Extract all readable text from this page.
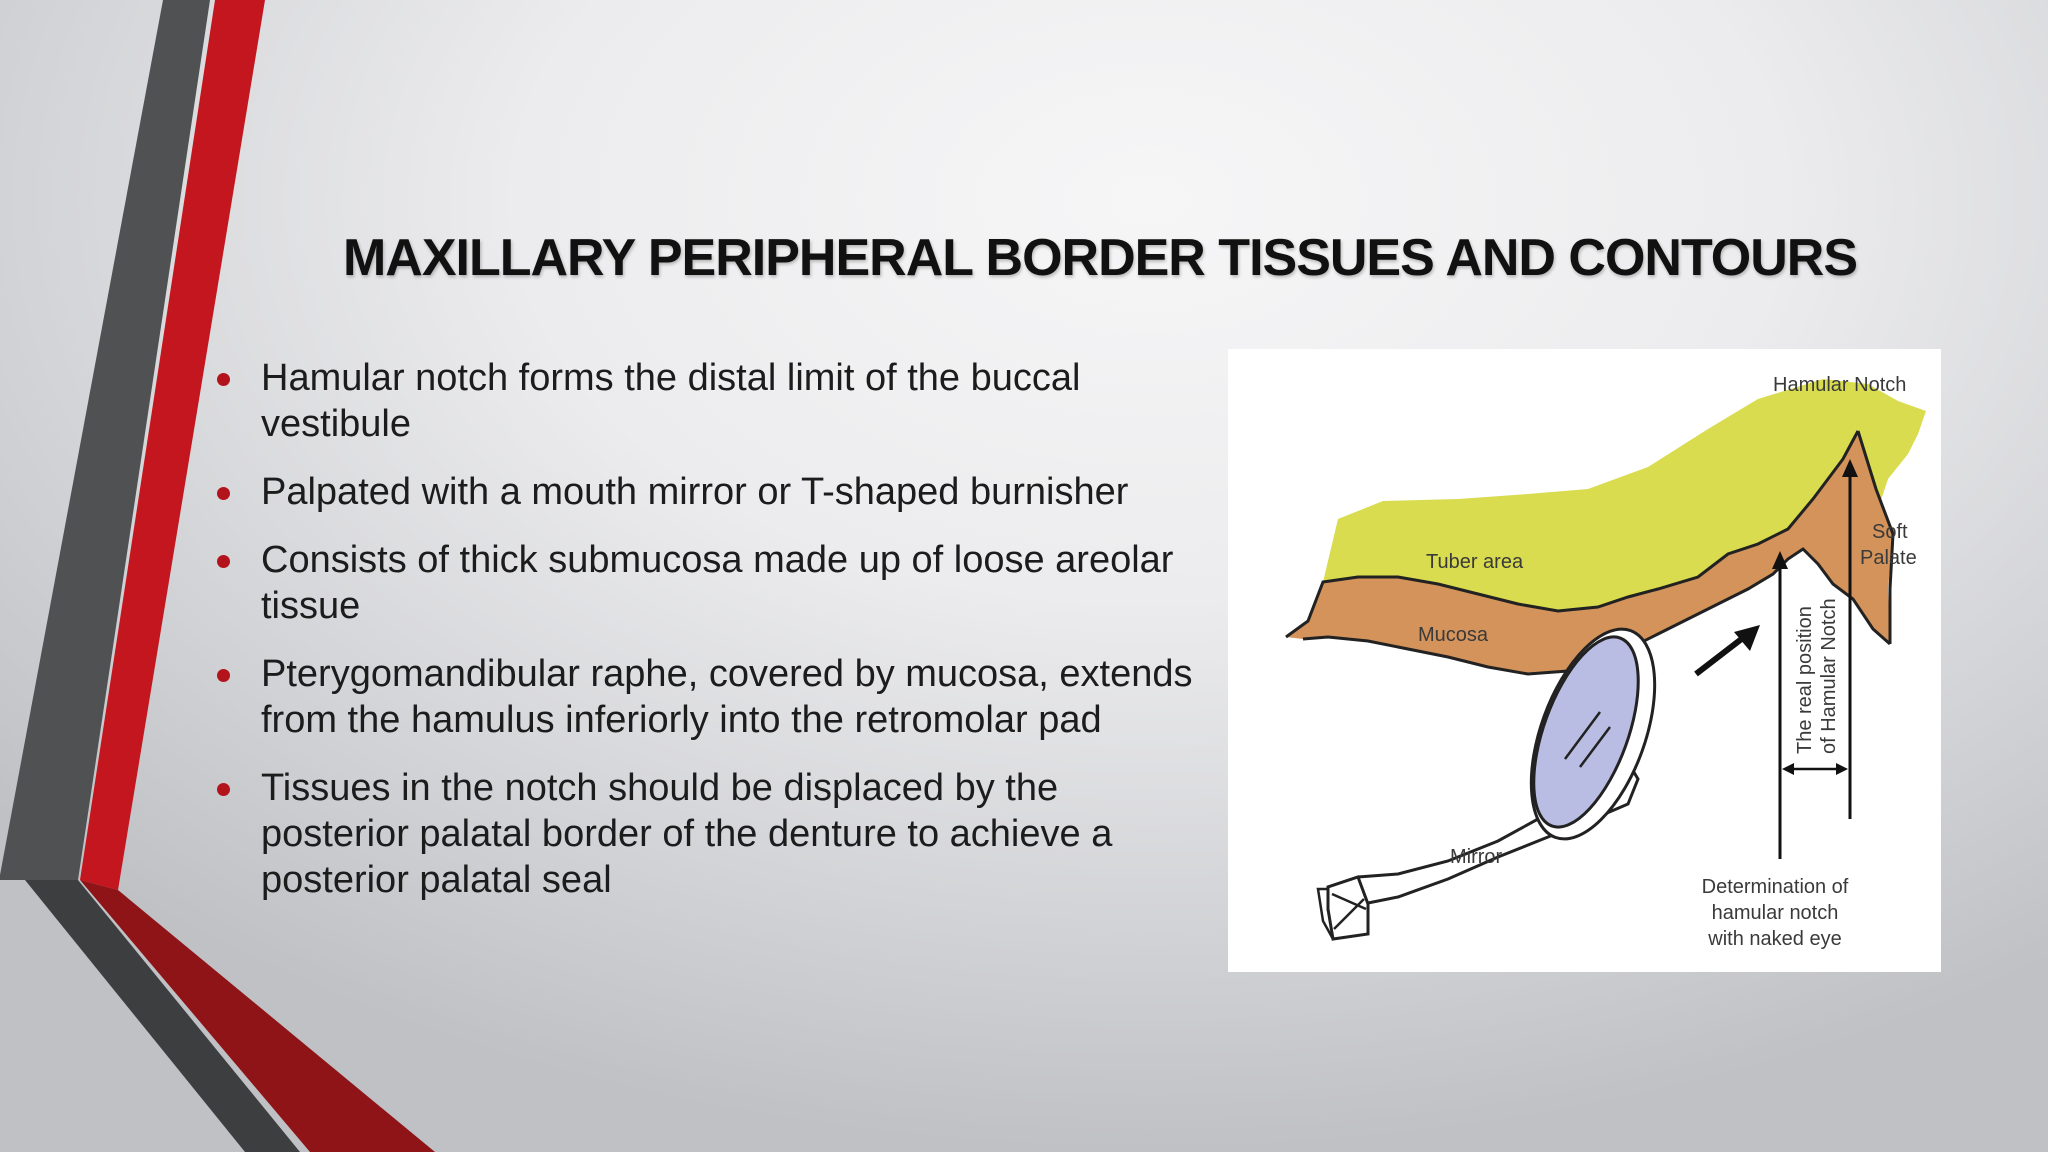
MAXILLARY PERIPHERAL BORDER TISSUES AND CONTOURS
Hamular notch forms the distal limit of the buccal vestibule
Palpated with a mouth mirror or T-shaped burnisher
Consists of thick submucosa made up of loose areolar tissue
Pterygomandibular raphe, covered by mucosa, extends from the hamulus inferiorly into the retromolar pad
Tissues in the notch should be displaced by the posterior palatal border of the denture to achieve a posterior palatal seal
Hamular Notch
Tuber area
Mucosa
Soft
Palate
The real position of Hamular Notch
Mirror
Determination of
hamular notch
with naked eye
